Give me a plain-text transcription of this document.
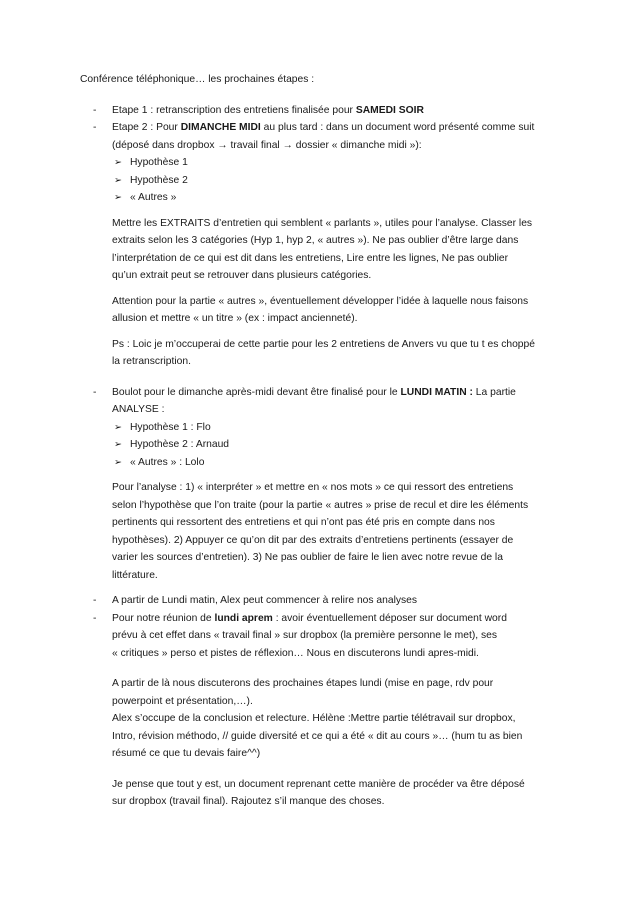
Conférence téléphonique… les prochaines étapes :

- Etape 1 : retranscription des entretiens finalisée pour SAMEDI SOIR
- Etape 2 : Pour DIMANCHE MIDI au plus tard : dans un document word présenté comme suit
(déposé dans dropbox → travail final → dossier « dimanche midi »):
➢ Hypothèse 1
➢ Hypothèse 2
➢ « Autres »

Mettre les EXTRAITS d’entretien qui semblent « parlants », utiles pour l’analyse. Classer les
extraits selon les 3 catégories (Hyp 1, hyp 2, « autres »). Ne pas oublier d’être large dans
l’interprétation de ce qui est dit dans les entretiens, Lire entre les lignes, Ne pas oublier
qu’un extrait peut se retrouver dans plusieurs catégories.

Attention pour la partie « autres », éventuellement développer l’idée à laquelle nous faisons
allusion et mettre « un titre » (ex : impact ancienneté).

Ps : Loic je m’occuperai de cette partie pour les 2 entretiens de Anvers vu que tu t es choppé
la retranscription.

- Boulot pour le dimanche après-midi devant être finalisé pour le LUNDI MATIN : La partie
ANALYSE :
➢ Hypothèse 1 : Flo
➢ Hypothèse 2 : Arnaud
➢ « Autres » : Lolo

Pour l’analyse : 1) « interpréter » et mettre en « nos mots » ce qui ressort des entretiens
selon l’hypothèse que l’on traite (pour la partie « autres » prise de recul et dire les éléments
pertinents qui ressortent des entretiens et qui n’ont pas été pris en compte dans nos
hypothèses). 2) Appuyer ce qu’on dit par des extraits d’entretiens pertinents (essayer de
varier les sources d’entretien). 3) Ne pas oublier de faire le lien avec notre revue de la
littérature.

- A partir de Lundi matin, Alex peut commencer à relire nos analyses
- Pour notre réunion de lundi aprem : avoir éventuellement déposer sur document word
prévu à cet effet dans « travail final » sur dropbox (la première personne le met), ses
« critiques » perso et pistes de réflexion… Nous en discuterons lundi apres-midi.

A partir de là nous discuterons des prochaines étapes lundi (mise en page, rdv pour
powerpoint et présentation,…).
Alex s’occupe de la conclusion et relecture. Hélène :Mettre partie télétravail sur dropbox,
Intro, révision méthodo, // guide diversité et ce qui a été « dit au cours »… (hum tu as bien
résumé ce que tu devais faire^^)

Je pense que tout y est, un document reprenant cette manière de procéder va être déposé
sur dropbox (travail final). Rajoutez s’il manque des choses.
